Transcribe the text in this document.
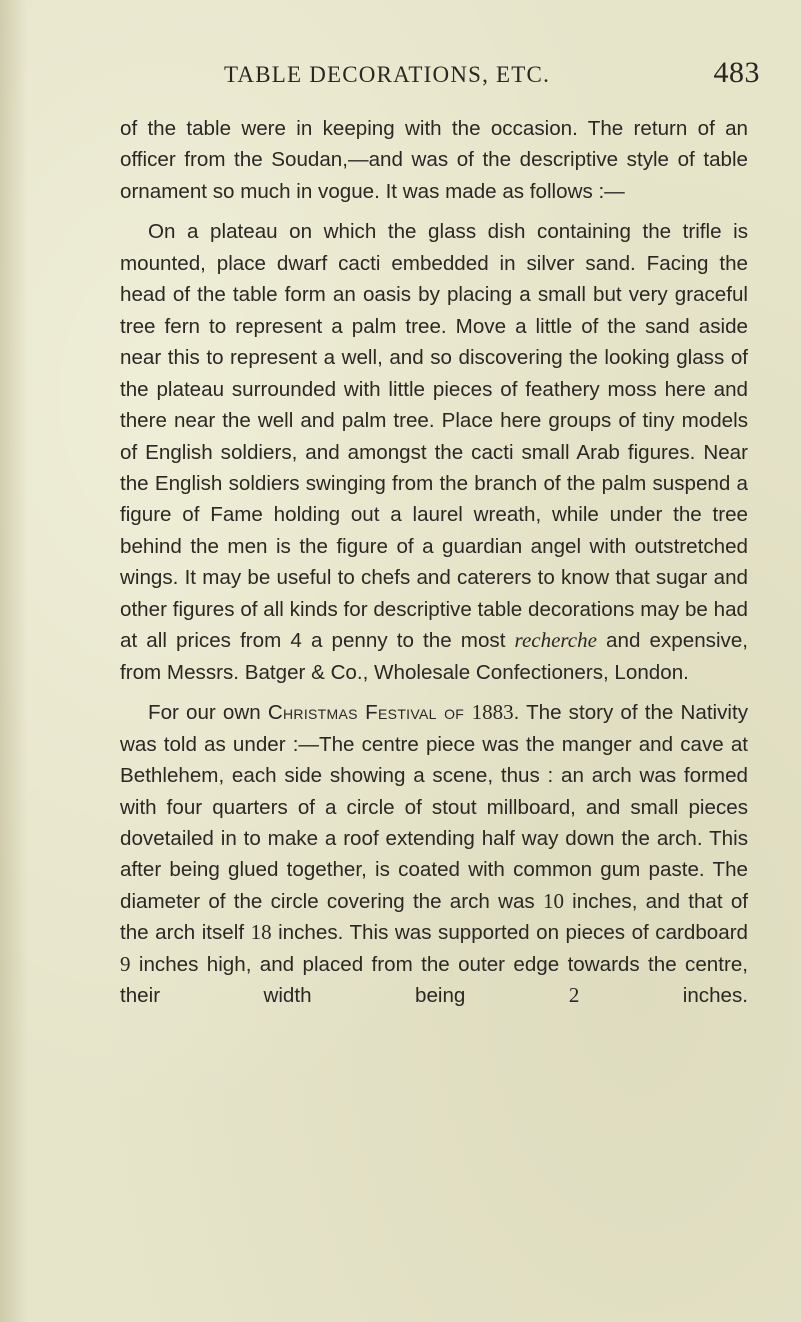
TABLE DECORATIONS, ETC.	483

of the table were in keeping with the occasion. The return of an officer from the Soudan,—and was of the descriptive style of table ornament so much in vogue. It was made as follows :—

On a plateau on which the glass dish containing the trifle is mounted, place dwarf cacti embedded in silver sand. Facing the head of the table form an oasis by placing a small but very graceful tree fern to represent a palm tree. Move a little of the sand aside near this to represent a well, and so discovering the looking glass of the plateau surrounded with little pieces of feathery moss here and there near the well and palm tree. Place here groups of tiny models of English soldiers, and amongst the cacti small Arab figures. Near the English soldiers swinging from the branch of the palm suspend a figure of Fame holding out a laurel wreath, while under the tree behind the men is the figure of a guardian angel with outstretched wings. It may be useful to chefs and caterers to know that sugar and other figures of all kinds for descriptive table decorations may be had at all prices from 4 a penny to the most recherche and expensive, from Messrs. Batger & Co., Wholesale Confectioners, London.

For our own Christmas Festival of 1883. The story of the Nativity was told as under :—The centre piece was the manger and cave at Bethlehem, each side showing a scene, thus : an arch was formed with four quarters of a circle of stout millboard, and small pieces dovetailed in to make a roof extending half way down the arch. This after being glued together, is coated with common gum paste. The diameter of the circle covering the arch was 10 inches, and that of the arch itself 18 inches. This was supported on pieces of cardboard 9 inches high, and placed from the outer edge towards the centre, their width being 2 inches.
